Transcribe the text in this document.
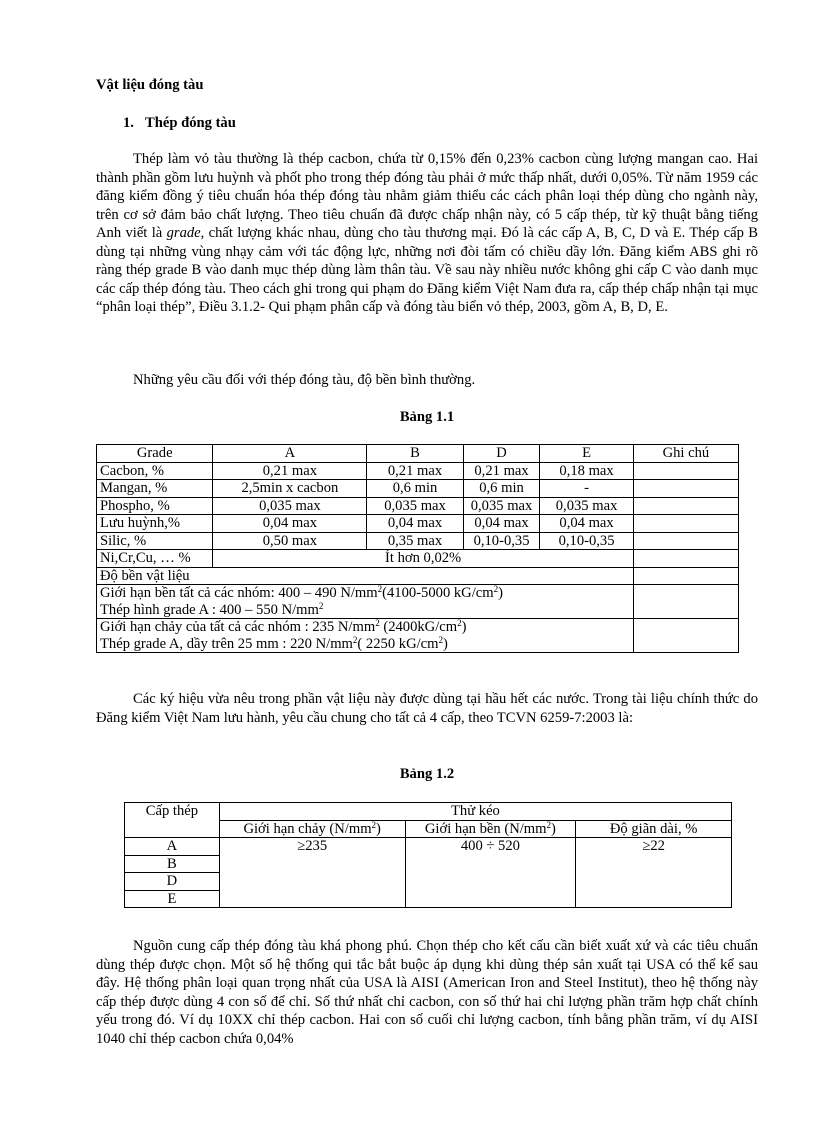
Vật liệu đóng tàu
1. Thép đóng tàu

Thép làm vỏ tàu thường là thép cacbon, chứa từ 0,15% đến 0,23% cacbon cùng lượng mangan cao. Hai thành phần gồm lưu huỳnh và phốt pho trong thép đóng tàu phải ở mức thấp nhất, dưới 0,05%. Từ năm 1959 các đăng kiểm đồng ý tiêu chuẩn hóa thép đóng tàu nhằm giảm thiểu các cách phân loại thép dùng cho ngành này, trên cơ sở đảm bảo chất lượng. Theo tiêu chuẩn đã được chấp nhận này, có 5 cấp thép, từ kỹ thuật bằng tiếng Anh viết là grade, chất lượng khác nhau, dùng cho tàu thương mại. Đó là các cấp A, B, C, D và E. Thép cấp B dùng tại những vùng nhạy cảm với tác động lực, những nơi đòi tấm có chiều dầy lớn. Đăng kiểm ABS ghi rõ ràng thép grade B vào danh mục thép dùng làm thân tàu. Về sau này nhiều nước không ghi cấp C vào danh mục các cấp thép đóng tàu. Theo cách ghi trong qui phạm do Đăng kiểm Việt Nam đưa ra, cấp thép chấp nhận tại mục “phân loại thép”, Điều 3.1.2- Qui phạm phân cấp và đóng tàu biển vỏ thép, 2003, gồm A, B, D, E.

Những yêu cầu đối với thép đóng tàu, độ bền bình thường.

Bảng 1.1
Grade	A	B	D	E	Ghi chú
Cacbon, %	0,21 max	0,21 max	0,21 max	0,18 max	
Mangan, %	2,5min x cacbon	0,6 min	0,6 min	-	
Phospho, %	0,035 max	0,035 max	0,035 max	0,035 max	
Lưu huỳnh,%	0,04 max	0,04 max	0,04 max	0,04 max	
Silic, %	0,50 max	0,35 max	0,10-0,35	0,10-0,35	
Ni,Cr,Cu, … %	Ít hơn 0,02%				
Độ bền vật liệu					

Giới hạn bền tất cả các nhóm: 400 – 490 $N/mm^2(4100-5000$ $kG/cm^2$)
Thép hình grade A : 400 – 550 $N/mm^2$

Giới hạn chảy của tất cả các nhóm : 235 $N/mm^2$ $(2400kG/cm^2)$
Thép grade A, dầy trên 25 mm : 220 $N/mm^2$( 2250 $kG/cm^2$)					

Các ký hiệu vừa nêu trong phần vật liệu này được dùng tại hầu hết các nước. Trong tài liệu chính thức do Đăng kiểm Việt Nam lưu hành, yêu cầu chung cho tất cả 4 cấp, theo TCVN 6259-7:2003 là:

Bảng 1.2
Cấp thép	Thử kéo		
	Giới hạn chảy $(N/mm^2)$	Giới hạn bền $(N/mm^2)$	Độ giãn dài, %
A	≥235	400 ÷ 520	≥22
B			
D			
E			

Nguồn cung cấp thép đóng tàu khá phong phú. Chọn thép cho kết cấu cần biết xuất xứ và các tiêu chuẩn dùng thép được chọn. Một số hệ thống qui tắc bắt buộc áp dụng khi dùng thép sản xuất tại USA có thể kể sau đây. Hệ thống phân loại quan trọng nhất của USA là AISI (American Iron and Steel Institut), theo hệ thống này cấp thép được dùng 4 con số để chỉ. Số thứ nhất chỉ cacbon, con số thứ hai chỉ lượng phần trăm hợp chất chính yếu trong đó. Ví dụ 10XX chỉ thép cacbon. Hai con số cuối chỉ lượng cacbon, tính bằng phần trăm, ví dụ AISI 1040 chỉ thép cacbon chứa 0,04%
